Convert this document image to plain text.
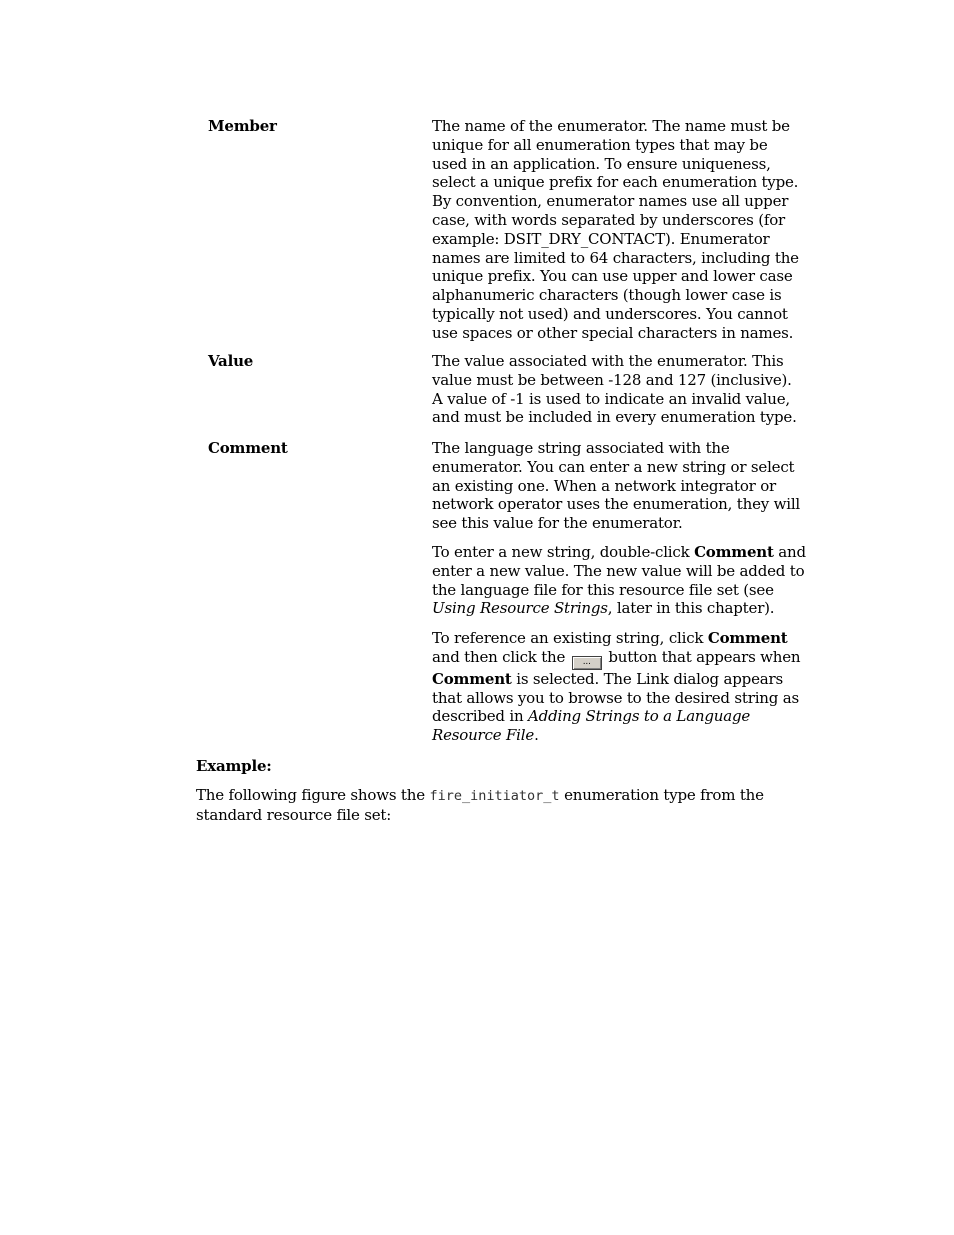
Member	The name of the enumerator. The name must be
unique for all enumeration types that may be
used in an application. To ensure uniqueness,
select a unique prefix for each enumeration type.
By convention, enumerator names use all upper
case, with words separated by underscores (for
example: DSIT_DRY_CONTACT). Enumerator
names are limited to 64 characters, including the
unique prefix. You can use upper and lower case
alphanumeric characters (though lower case is
typically not used) and underscores. You cannot
use spaces or other special characters in names.
Value	The value associated with the enumerator. This
value must be between -128 and 127 (inclusive).
A value of -1 is used to indicate an invalid value,
and must be included in every enumeration type.
Comment	The language string associated with the
enumerator. You can enter a new string or select
an existing one. When a network integrator or
network operator uses the enumeration, they will
see this value for the enumerator.
To enter a new string, double-click Comment and
enter a new value. The new value will be added to
the language file for this resource file set (see
Using Resource Strings, later in this chapter).
To reference an existing string, click Comment
and then click the ... button that appears when
Comment is selected. The Link dialog appears
that allows you to browse to the desired string as
described in Adding Strings to a Language
Resource File.
Example:
The following figure shows the fire_initiator_t enumeration type from the
standard resource file set:
